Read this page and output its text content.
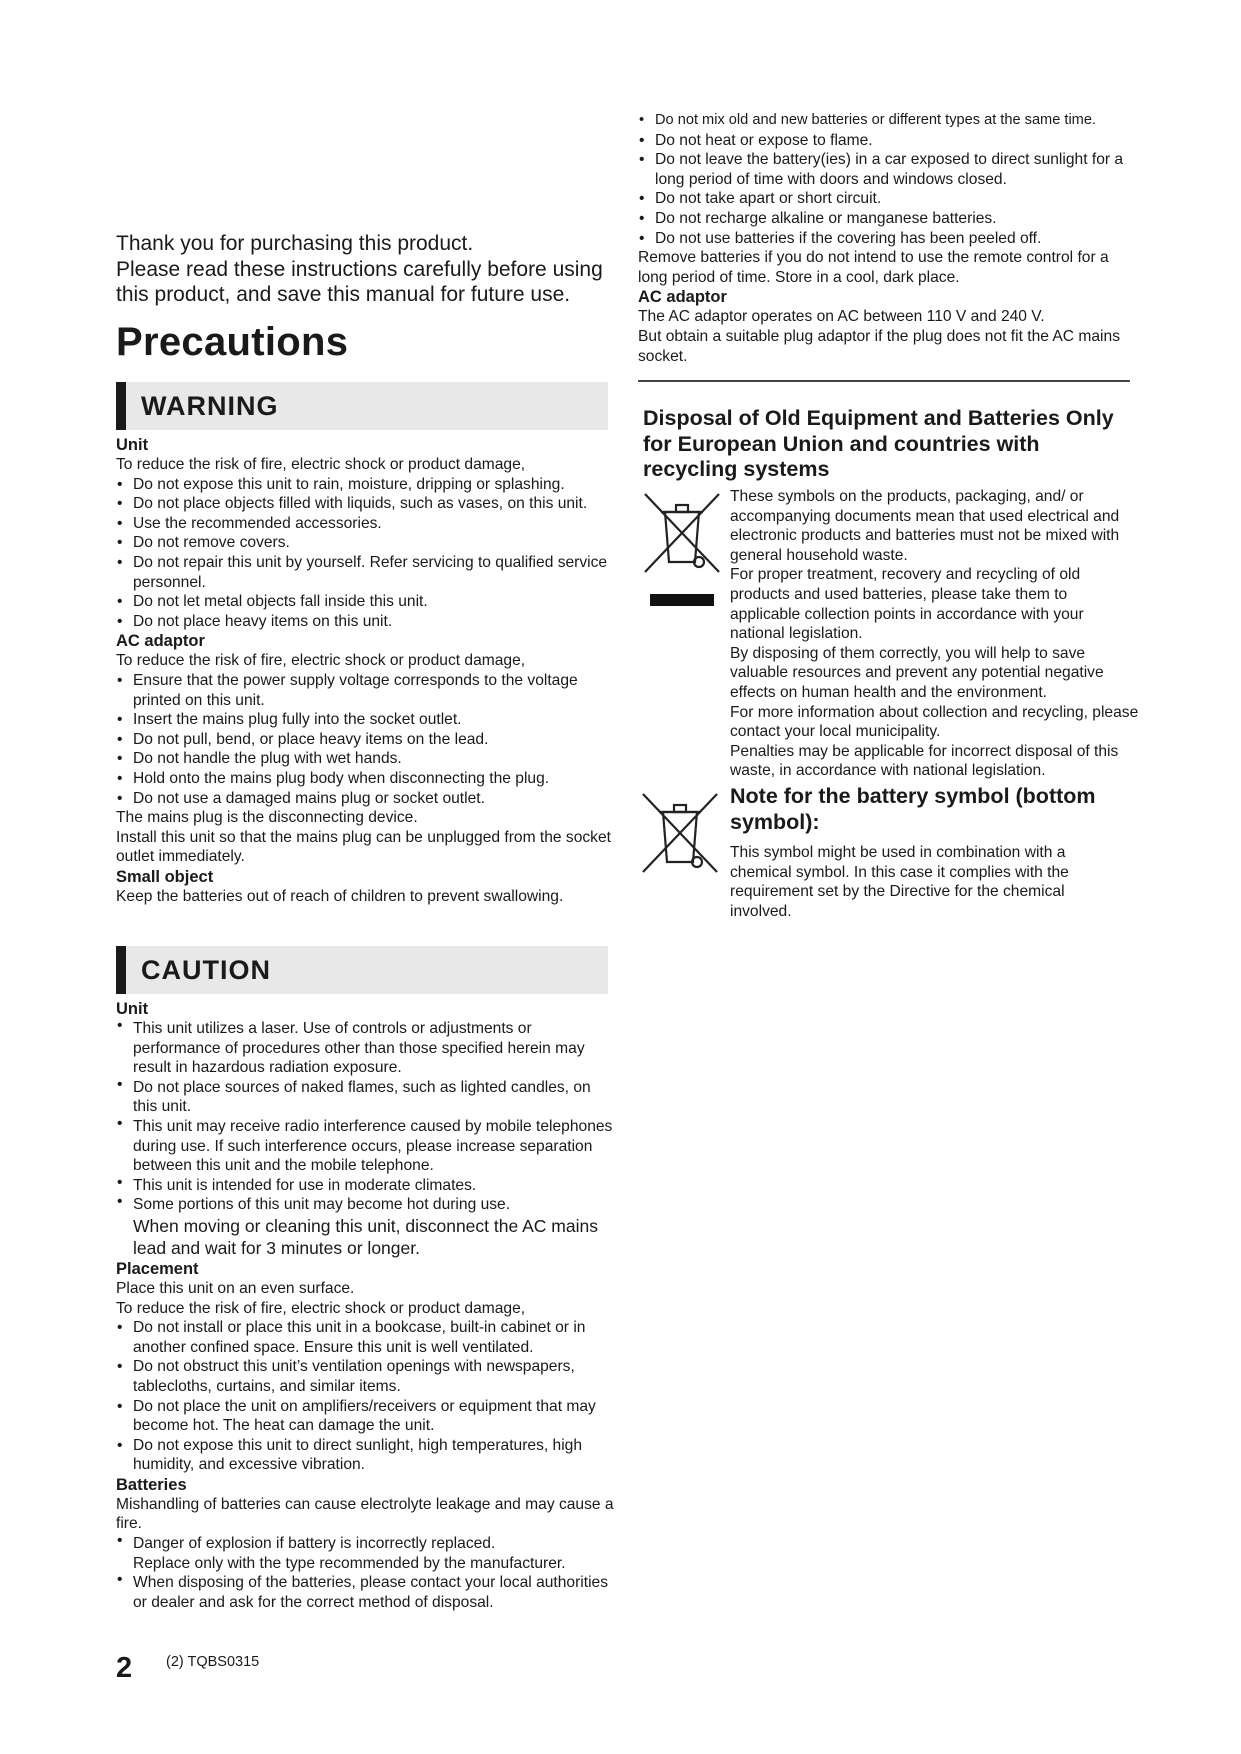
Thank you for purchasing this product.

Please read these instructions carefully before using this product, and save this manual for future use.

Precautions
WARNING
Unit

To reduce the risk of fire, electric shock or product damage,

• Do not expose this unit to rain, moisture, dripping or splashing.
• Do not place objects filled with liquids, such as vases, on this unit.
• Use the recommended accessories.
• Do not remove covers.
• Do not repair this unit by yourself. Refer servicing to qualified service personnel.
• Do not let metal objects fall inside this unit.
• Do not place heavy items on this unit.
AC adaptor

To reduce the risk of fire, electric shock or product damage,

• Ensure that the power supply voltage corresponds to the voltage printed on this unit.
• Insert the mains plug fully into the socket outlet.
• Do not pull, bend, or place heavy items on the lead.
• Do not handle the plug with wet hands.
• Hold onto the mains plug body when disconnecting the plug.
• Do not use a damaged mains plug or socket outlet.

The mains plug is the disconnecting device.

Install this unit so that the mains plug can be unplugged from the socket outlet immediately.

Small object

Keep the batteries out of reach of children to prevent swallowing.

CAUTION
Unit
• This unit utilizes a laser. Use of controls or adjustments or performance of procedures other than those specified herein may result in hazardous radiation exposure.
• Do not place sources of naked flames, such as lighted candles, on this unit.
• This unit may receive radio interference caused by mobile telephones during use. If such interference occurs, please increase separation between this unit and the mobile telephone.
• This unit is intended for use in moderate climates.
• Some portions of this unit may become hot during use.

When moving or cleaning this unit, disconnect the AC mains lead and wait for 3 minutes or longer.

Placement

Place this unit on an even surface.

To reduce the risk of fire, electric shock or product damage,

• Do not install or place this unit in a bookcase, built-in cabinet or in another confined space. Ensure this unit is well ventilated.
• Do not obstruct this unit’s ventilation openings with newspapers, tablecloths, curtains, and similar items.
• Do not place the unit on amplifiers/receivers or equipment that may become hot. The heat can damage the unit.
• Do not expose this unit to direct sunlight, high temperatures, high humidity, and excessive vibration.
Batteries

Mishandling of batteries can cause electrolyte leakage and may cause a fire.

• Danger of explosion if battery is incorrectly replaced.
Replace only with the type recommended by the manufacturer.
• When disposing of the batteries, please contact your local authorities or dealer and ask for the correct method of disposal.
• Do not mix old and new batteries or different types at the same time.
• Do not heat or expose to flame.
• Do not leave the battery(ies) in a car exposed to direct sunlight for a long period of time with doors and windows closed.
• Do not take apart or short circuit.
• Do not recharge alkaline or manganese batteries.
• Do not use batteries if the covering has been peeled off.

Remove batteries if you do not intend to use the remote control for a long period of time. Store in a cool, dark place.

AC adaptor

The AC adaptor operates on AC between 110 V and 240 V.

But obtain a suitable plug adaptor if the plug does not fit the AC mains socket.

Disposal of Old Equipment and Batteries Only for European Union and countries with recycling systems

These symbols on the products, packaging, and/ or accompanying documents mean that used electrical and electronic products and batteries must not be mixed with general household waste.

For proper treatment, recovery and recycling of old products and used batteries, please take them to applicable collection points in accordance with your national legislation.

By disposing of them correctly, you will help to save valuable resources and prevent any potential negative effects on human health and the environment.

For more information about collection and recycling, please contact your local municipality.

Penalties may be applicable for incorrect disposal of this waste, in accordance with national legislation.

Note for the battery symbol (bottom symbol):

This symbol might be used in combination with a chemical symbol. In this case it complies with the requirement set by the Directive for the chemical involved.

2 (2) TQBS0315
